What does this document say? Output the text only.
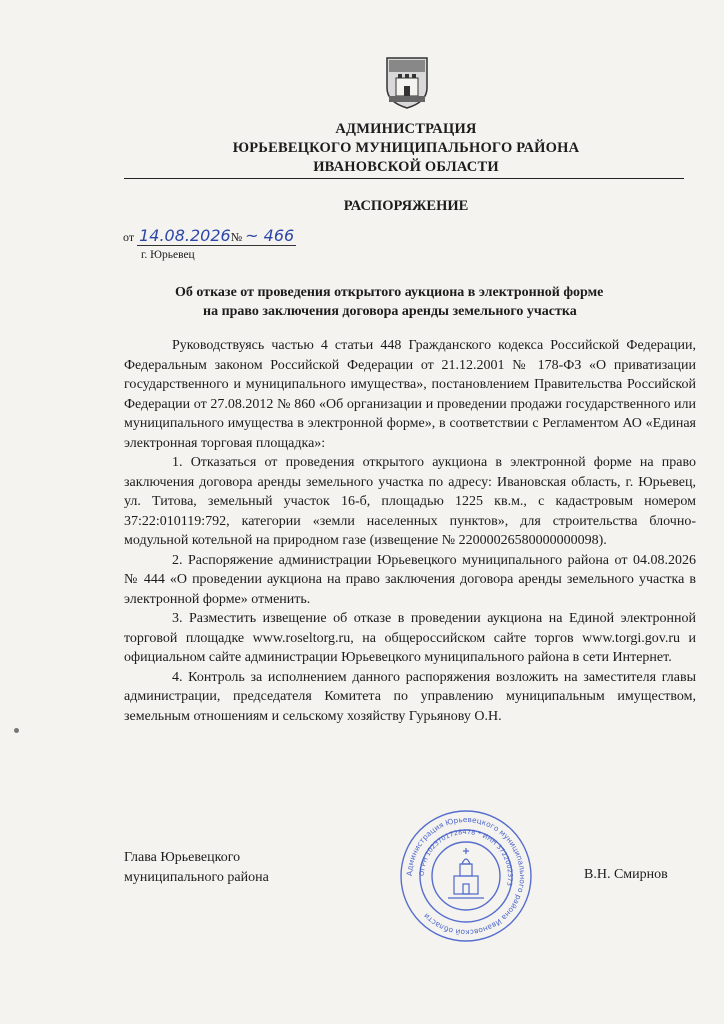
АДМИНИСТРАЦИЯ
ЮРЬЕВЕЦКОГО МУНИЦИПАЛЬНОГО РАЙОНА
ИВАНОВСКОЙ ОБЛАСТИ
РАСПОРЯЖЕНИЕ
от 14.08.2026№ ~ 466
г. Юрьевец
Об отказе от проведения открытого аукциона в электронной форме
на право заключения договора аренды земельного участка

Руководствуясь частью 4 статьи 448 Гражданского кодекса Российской Федерации, Федеральным законом Российской Федерации от 21.12.2001 № 178-ФЗ «О приватизации государственного и муниципального имущества», постановлением Правительства Российской Федерации от 27.08.2012 № 860 «Об организации и проведении продажи государственного или муниципального имущества в электронной форме», в соответствии с Регламентом АО «Единая электронная торговая площадка»:

1. Отказаться от проведения открытого аукциона в электронной форме на право заключения договора аренды земельного участка по адресу: Ивановская область, г. Юрьевец, ул. Титова, земельный участок 16-б, площадью 1225 кв.м., с кадастровым номером 37:22:010119:792, категории «земли населенных пунктов», для строительства блочно-модульной котельной на природном газе (извещение № 22000026580000000098).

2. Распоряжение администрации Юрьевецкого муниципального района от 04.08.2026 № 444 «О проведении аукциона на право заключения договора аренды земельного участка в электронной форме» отменить.

3. Разместить извещение об отказе в проведении аукциона на Единой электронной торговой площадке www.roseltorg.ru, на общероссийском сайте торгов www.torgi.gov.ru и официальном сайте администрации Юрьевецкого муниципального района в сети Интернет.

4. Контроль за исполнением данного распоряжения возложить на заместителя главы администрации, председателя Комитета по управлению муниципальным имуществом, земельным отношениям и сельскому хозяйству Гурьянову О.Н.

Глава Юрьевецкого
муниципального района	В.Н. Смирнов
Администрация Юрьевецкого муниципального района Ивановской области
ОГРН 1023701728478 * ИНН 3722002373
